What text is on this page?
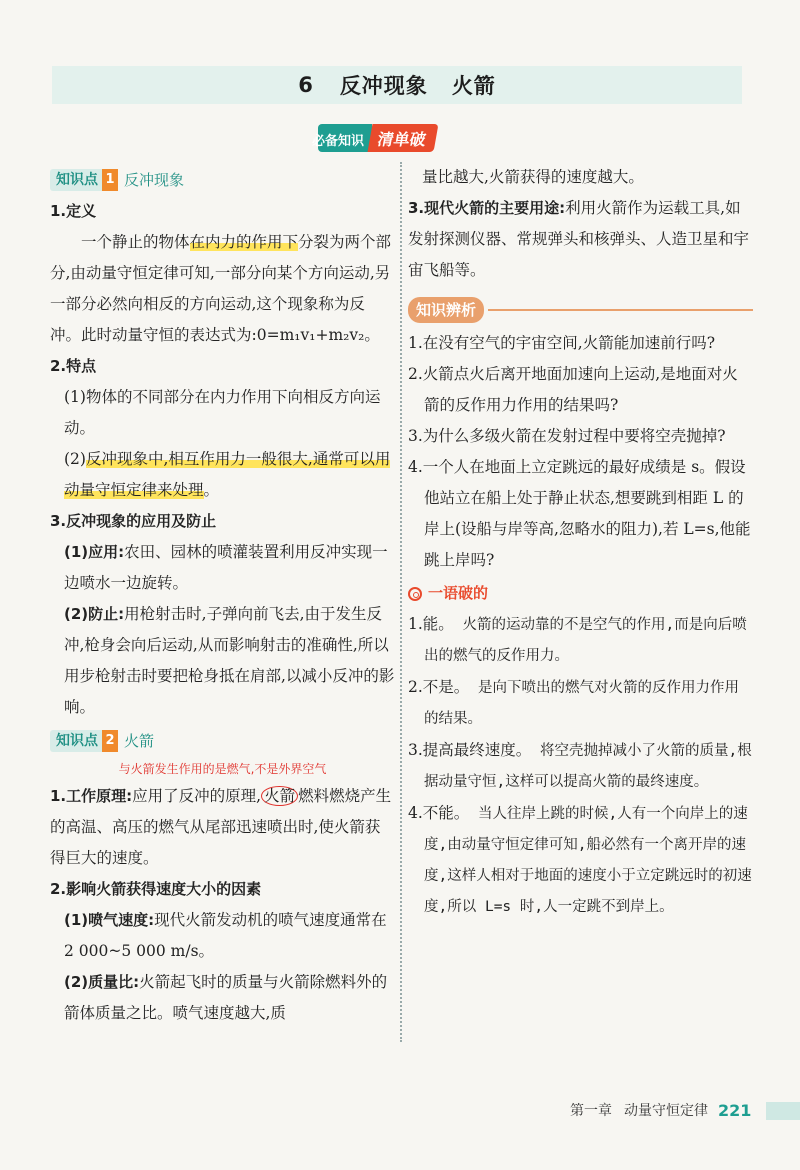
6 反冲现象 火箭
必备知识 清单破
知识点 1 反冲现象
1.定义
一个静止的物体在内力的作用下分裂为两个部分,由动量守恒定律可知,一部分向某个方向运动,另一部分必然向相反的方向运动,这个现象称为反冲。此时动量守恒的表达式为:0=m₁v₁+m₂v₂。
2.特点
(1)物体的不同部分在内力作用下向相反方向运动。
(2)反冲现象中,相互作用力一般很大,通常可以用动量守恒定律来处理。
3.反冲现象的应用及防止
(1)应用:农田、园林的喷灌装置利用反冲实现一边喷水一边旋转。
(2)防止:用枪射击时,子弹向前飞去,由于发生反冲,枪身会向后运动,从而影响射击的准确性,所以用步枪射击时要把枪身抵在肩部,以减小反冲的影响。
知识点 2 火箭
与火箭发生作用的是燃气,不是外界空气
1.工作原理:应用了反冲的原理, 火箭 燃料燃烧产生的高温、高压的燃气从尾部迅速喷出时,使火箭获得巨大的速度。
2.影响火箭获得速度大小的因素
(1)喷气速度:现代火箭发动机的喷气速度通常在 2 000~5 000 m/s。
(2)质量比:火箭起飞时的质量与火箭除燃料外的箭体质量之比。喷气速度越大,质
量比越大,火箭获得的速度越大。
3.现代火箭的主要用途:利用火箭作为运载工具,如发射探测仪器、常规弹头和核弹头、人造卫星和宇宙飞船等。
知识辨析
1.在没有空气的宇宙空间,火箭能加速前行吗?
2.火箭点火后离开地面加速向上运动,是地面对火箭的反作用力作用的结果吗?
3.为什么多级火箭在发射过程中要将空壳抛掉?
4.一个人在地面上立定跳远的最好成绩是 s。假设他站立在船上处于静止状态,想要跳到相距 L 的岸上(设船与岸等高,忽略水的阻力),若 L=s,他能跳上岸吗?
一语破的
1.能。 火箭的运动靠的不是空气的作用,而是向后喷出的燃气的反作用力。
2.不是。 是向下喷出的燃气对火箭的反作用力作用的结果。
3.提高最终速度。 将空壳抛掉减小了火箭的质量,根据动量守恒,这样可以提高火箭的最终速度。
4.不能。 当人往岸上跳的时候,人有一个向岸上的速度,由动量守恒定律可知,船必然有一个离开岸的速度,这样人相对于地面的速度小于立定跳远时的初速度,所以 L=s 时,人一定跳不到岸上。
第一章 动量守恒定律 221
